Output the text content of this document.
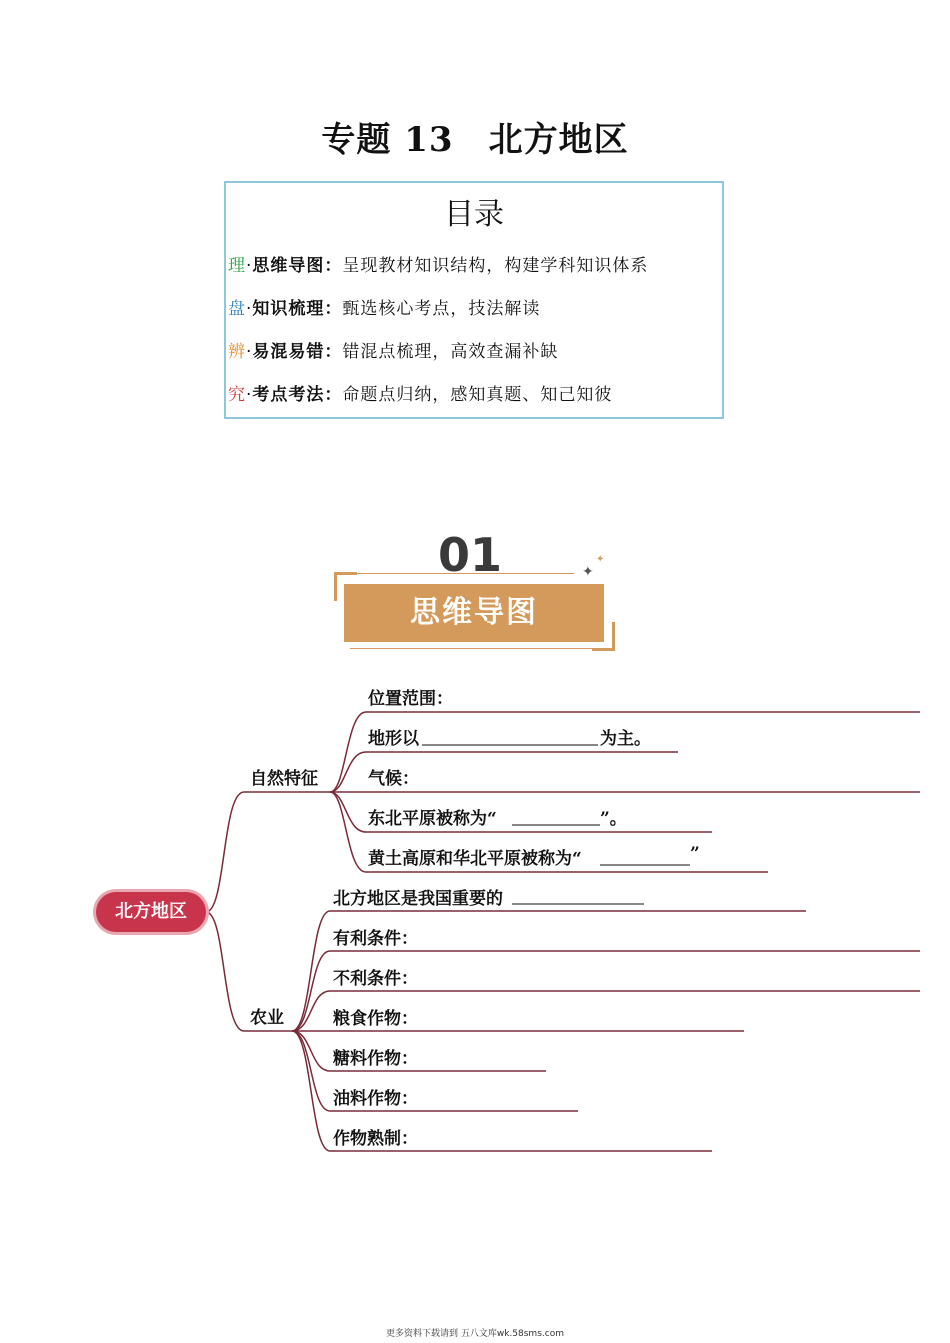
专题 13　北方地区
目录
理·思维导图：呈现教材知识结构，构建学科知识体系
盘·知识梳理：甄选核心考点，技法解读
辨·易混易错：错混点梳理，高效查漏补缺
究·考点考法：命题点归纳，感知真题、知己知彼
01
思维导图
✦
✦
北方地区
自然特征
农业
位置范围：
地形以	为主。
气候：
东北平原被称为“	”。
黄土高原和华北平原被称为“	”
北方地区是我国重要的
有利条件：
不利条件：
粮食作物：
糖料作物：
油料作物：
作物熟制：
更多资料下载请到 五八文库wk.58sms.com
